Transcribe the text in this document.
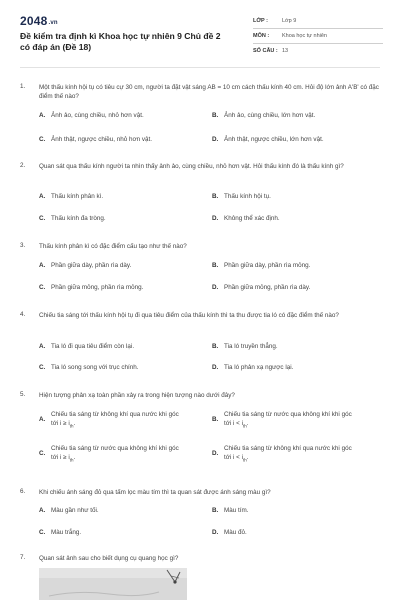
2048.vn
Đề kiểm tra định kì Khoa học tự nhiên 9 Chủ đề 2 có đáp án (Đề 18)
LỚP :	Lớp 9
MÔN : Khoa học tự nhiên
SỐ CÂU : 13
1. Một thấu kính hội tụ có tiêu cự 30 cm, người ta đặt vật sáng AB = 10 cm cách thấu kính 40 cm. Hỏi độ lớn ảnh A'B' có đặc điểm thế nào?
A. Ảnh ảo, cùng chiều, nhỏ hơn vật.	B. Ảnh ảo, cùng chiều, lớn hơn vật.
C. Ảnh thật, ngược chiều, nhỏ hơn vật.	D. Ảnh thật, ngược chiều, lớn hơn vật.
2. Quan sát qua thấu kính người ta nhìn thấy ảnh ảo, cùng chiều, nhỏ hơn vật. Hỏi thấu kính đó là thấu kính gì?
A. Thấu kính phân kì.	B. Thấu kính hội tụ.
C. Thấu kính đa tròng.	D. Không thể xác định.
3. Thấu kính phân kì có đặc điểm cấu tạo như thế nào?
A. Phần giữa dày, phần rìa dày.	B. Phần giữa dày, phần rìa mỏng.
C. Phần giữa mỏng, phần rìa mỏng.	D. Phần giữa mỏng, phần rìa dày.
4. Chiếu tia sáng tới thấu kính hội tụ đi qua tiêu điểm của thấu kính thì ta thu được tia ló có đặc điểm thế nào?
A. Tia ló đi qua tiêu điểm còn lại.	B. Tia ló truyền thẳng.
C. Tia ló song song với trục chính.	D. Tia ló phản xạ ngược lại.
5. Hiện tượng phản xạ toàn phần xảy ra trong hiện tượng nào dưới đây?
A.
Chiếu tia sáng từ không khí qua nước khi góc tới $i \ge i_{th}$.
B.
Chiếu tia sáng từ nước qua không khí khi góc tới $i < i_{th}$.
C.
Chiếu tia sáng từ nước qua không khí khi góc tới $i \ge i_{th}$.
D.
Chiếu tia sáng từ không khí qua nước khi góc tới $i < i_{th}$.
6. Khi chiếu ánh sáng đỏ qua tấm lọc màu tím thì ta quan sát được ánh sáng màu gì?
A. Màu gần như tối.	B. Màu tím.
C. Màu trắng.	D. Màu đỏ.
7. Quan sát ảnh sau cho biết dụng cụ quang học gì?
